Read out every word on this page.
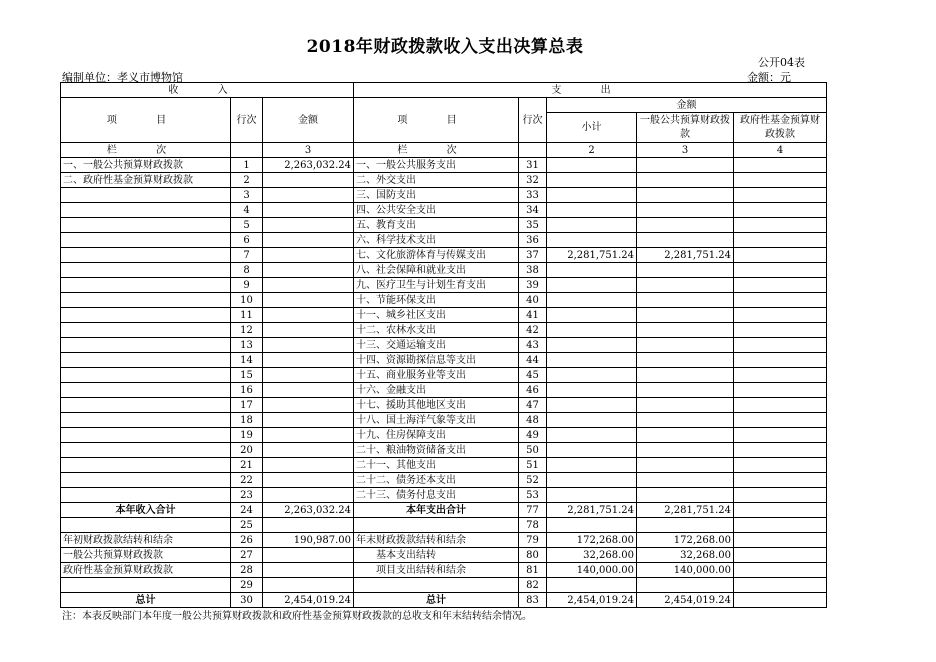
2018年财政拨款收入支出决算总表
公开04表
编制单位：孝义市博物馆	金额：元
收 入			支 出				
项 目	行次	金额	项 目	行次	金额		
					小计	一般公共预算财政拨款	政府性基金预算财政拨款
栏 次		3	栏 次		2	3	4
一、一般公共预算财政拨款	1	2,263,032.24	一、一般公共服务支出	31			
二、政府性基金预算财政拨款	2		二、外交支出	32			
	3		三、国防支出	33			
	4		四、公共安全支出	34			
	5		五、教育支出	35			
	6		六、科学技术支出	36			
	7		七、文化旅游体育与传媒支出	37	2,281,751.24	2,281,751.24	
	8		八、社会保障和就业支出	38			
	9		九、医疗卫生与计划生育支出	39			
	10		十、节能环保支出	40			
	11		十一、城乡社区支出	41			
	12		十二、农林水支出	42			
	13		十三、交通运输支出	43			
	14		十四、资源勘探信息等支出	44			
	15		十五、商业服务业等支出	45			
	16		十六、金融支出	46			
	17		十七、援助其他地区支出	47			
	18		十八、国土海洋气象等支出	48			
	19		十九、住房保障支出	49			
	20		二十、粮油物资储备支出	50			
	21		二十一、其他支出	51			
	22		二十二、债务还本支出	52			
	23		二十三、债务付息支出	53			
本年收入合计	24	2,263,032.24	本年支出合计	77	2,281,751.24	2,281,751.24	
	25			78			
年初财政拨款结转和结余	26	190,987.00	年末财政拨款结转和结余	79	172,268.00	172,268.00	
一般公共预算财政拨款	27		基本支出结转	80	32,268.00	32,268.00	
政府性基金预算财政拨款	28		项目支出结转和结余	81	140,000.00	140,000.00	
	29			82			
总计	30	2,454,019.24	总计	83	2,454,019.24	2,454,019.24	
注：本表反映部门本年度一般公共预算财政拨款和政府性基金预算财政拨款的总收支和年末结转结余情况。
